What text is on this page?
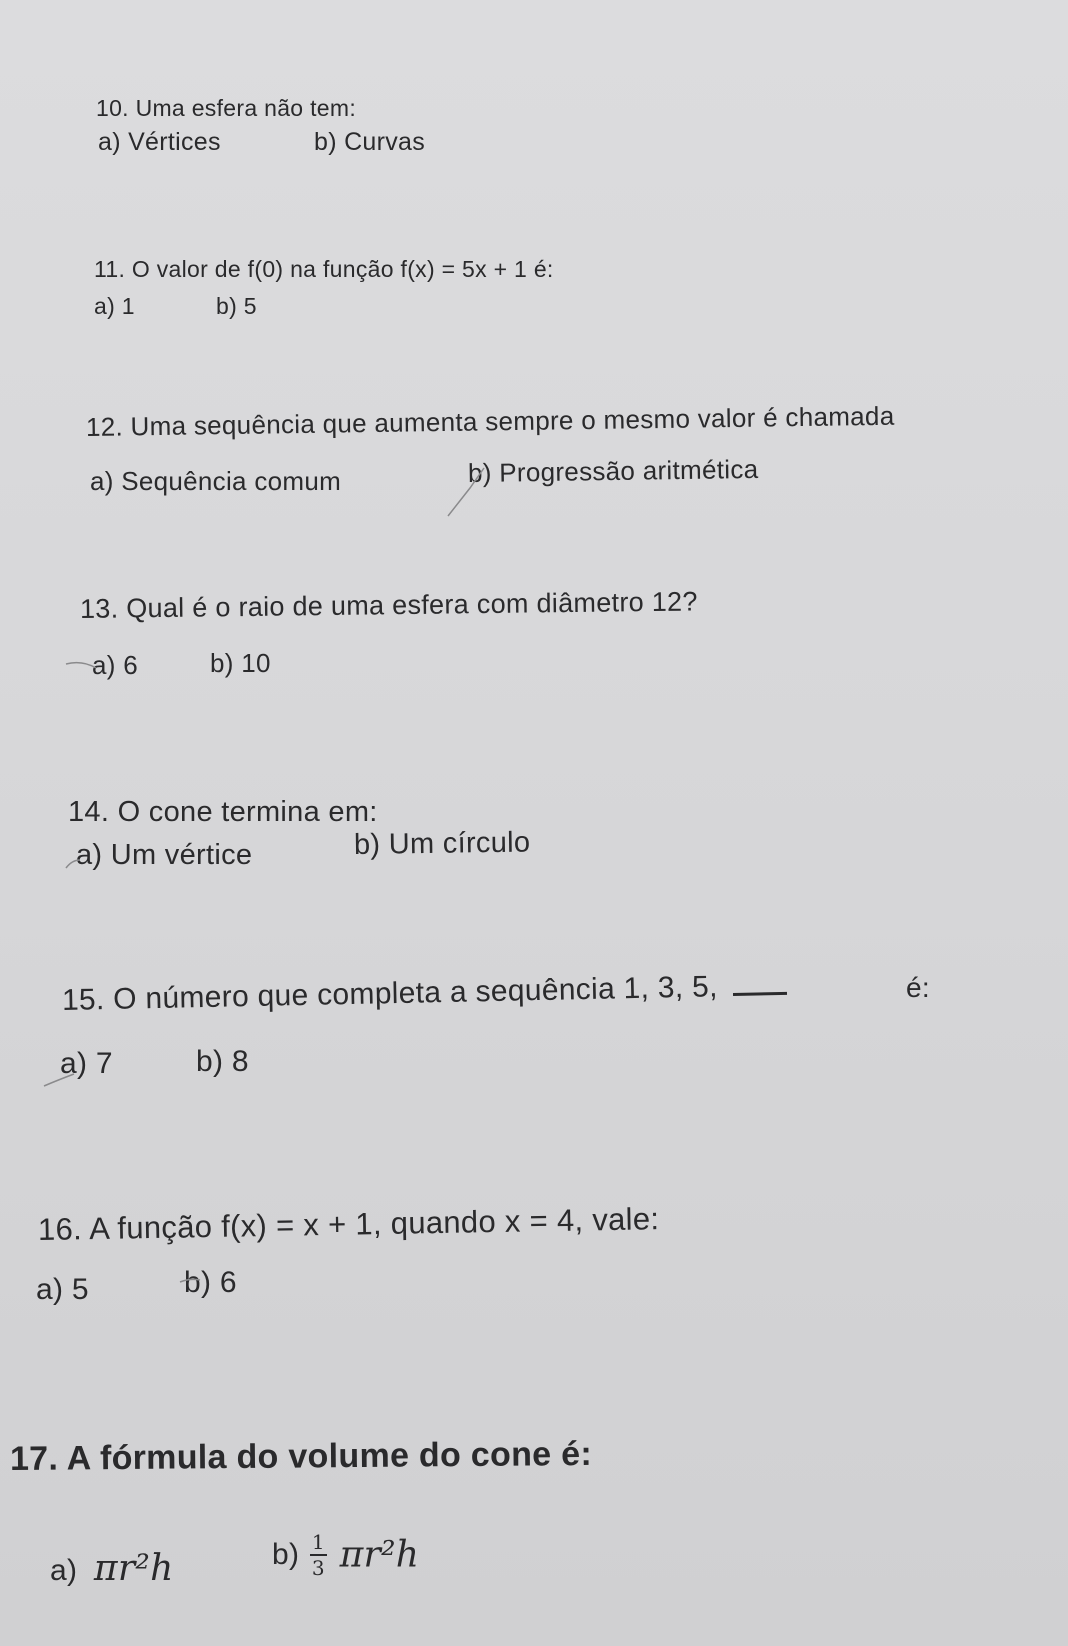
10. Uma esfera não tem:
a) Vértices	b) Curvas
11. O valor de f(0) na função f(x) = 5x + 1 é:
a) 1	b) 5
12. Uma sequência que aumenta sempre o mesmo valor é chamada
a) Sequência comum	b) Progressão aritmética
13. Qual é o raio de uma esfera com diâmetro 12?
a) 6	b) 10
14. O cone termina em:
a) Um vértice	b) Um círculo
15. O número que completa a sequência 1, 3, 5,	é:
a) 7	b) 8
16. A função f(x) = x + 1, quando x = 4, vale:
a) 5	b) 6
17. A fórmula do volume do cone é:
a) πr²h	$b) \frac{1}{3} \pi r^2h$
